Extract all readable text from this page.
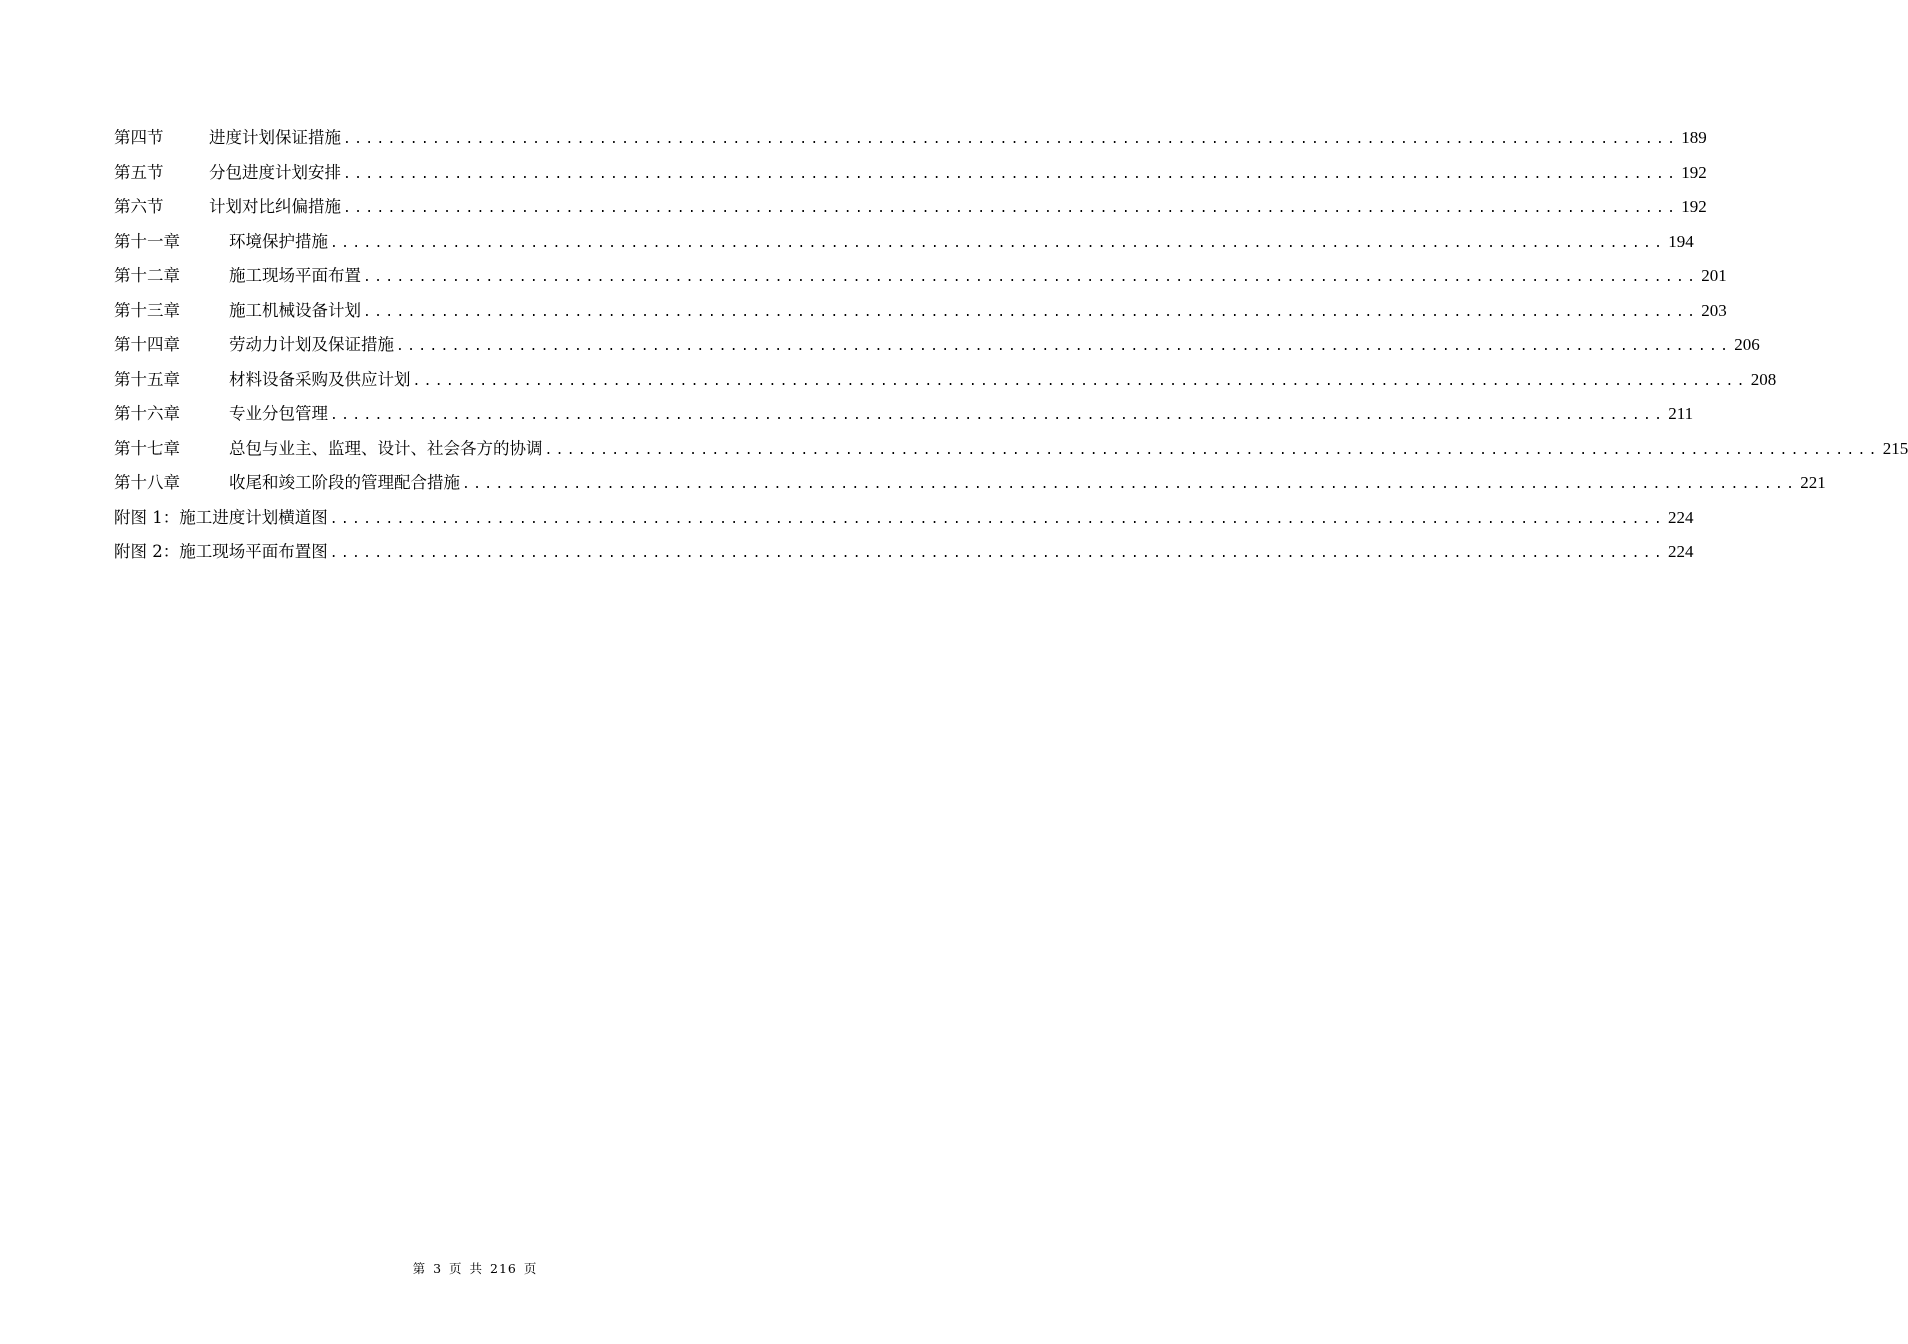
第四节	进度计划保证措施 ........................................................................................................................ 189
第五节	分包进度计划安排 ........................................................................................................................ 192
第六节	计划对比纠偏措施 ........................................................................................................................ 192
第十一章	环境保护措施 ........................................................................................................................ 194
第十二章	施工现场平面布置 ........................................................................................................................ 201
第十三章	施工机械设备计划 ........................................................................................................................ 203
第十四章	劳动力计划及保证措施 ........................................................................................................................ 206
第十五章	材料设备采购及供应计划 ........................................................................................................................ 208
第十六章	专业分包管理 ........................................................................................................................ 211
第十七章	总包与业主、监理、设计、社会各方的协调 ........................................................................................................................ 215
第十八章	收尾和竣工阶段的管理配合措施 ........................................................................................................................ 221
附图 1：施工进度计划横道图 ........................................................................................................................ 224
附图 2：施工现场平面布置图 ........................................................................................................................ 224
第 3 页 共 216 页
